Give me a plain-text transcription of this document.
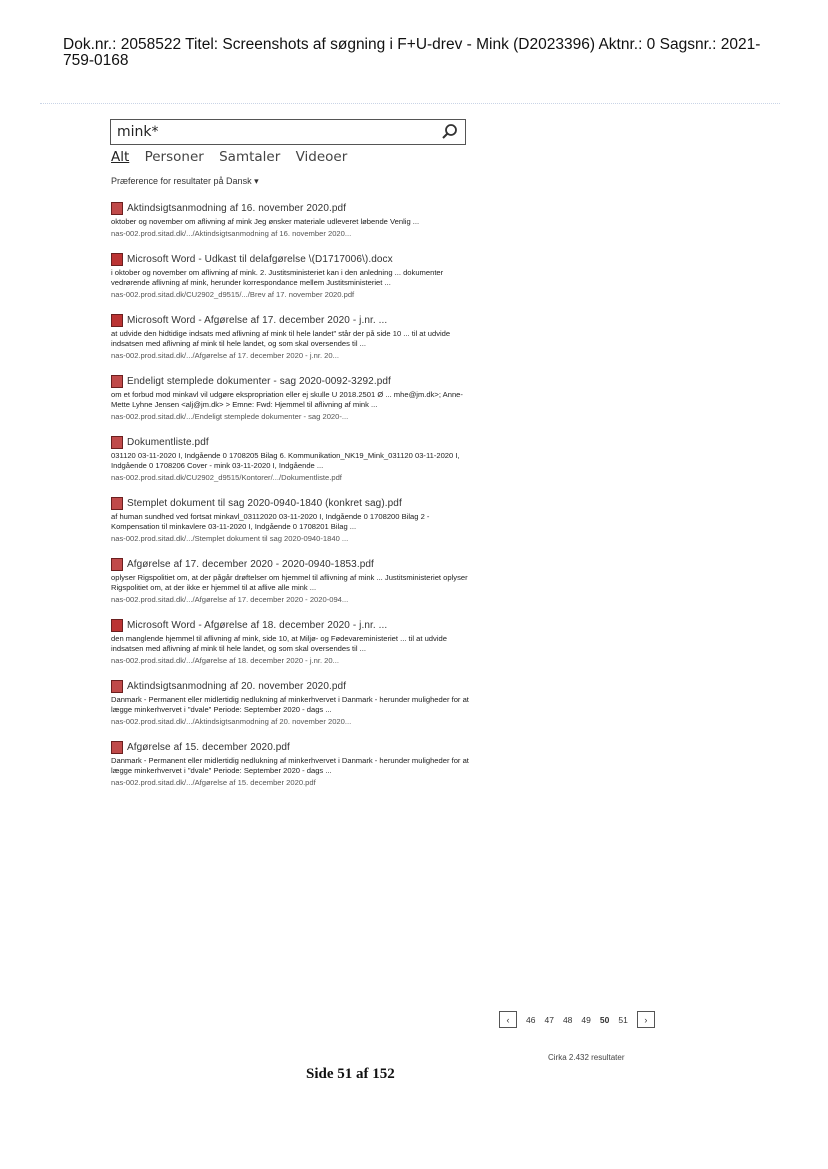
Dok.nr.: 2058522 Titel: Screenshots af søgning i F+U-drev - Mink (D2023396) Aktnr.: 0 Sagsnr.: 2021-759-0168
mink*
Alt Personer Samtaler Videoer
Præference for resultater på Dansk ▾
Aktindsigtsanmodning af 16. november 2020.pdf
oktober og november om aflivning af mink Jeg ønsker materiale udleveret løbende Venlig ...
nas-002.prod.sitad.dk/.../Aktindsigtsanmodning af 16. november 2020...
Microsoft Word - Udkast til delafgørelse \(D1717006\).docx
i oktober og november om aflivning af mink. 2. Justitsministeriet kan i den anledning ... dokumenter vedrørende aflivning af mink, herunder korrespondance mellem Justitsministeriet ...
nas-002.prod.sitad.dk/CU2902_d9515/.../Brev af 17. november 2020.pdf
Microsoft Word - Afgørelse af 17. december 2020 - j.nr. ...
at udvide den hidtidige indsats med aflivning af mink til hele landet" står der på side 10 ... til at udvide indsatsen med aflivning af mink til hele landet, og som skal oversendes til ...
nas-002.prod.sitad.dk/.../Afgørelse af 17. december 2020 - j.nr. 20...
Endeligt stemplede dokumenter - sag 2020-0092-3292.pdf
om et forbud mod minkavl vil udgøre ekspropriation eller ej skulle U 2018.2501 Ø ... mhe@jm.dk>; Anne-Mette Lyhne Jensen <alj@jm.dk> > Emne: Fwd: Hjemmel til aflivning af mink ...
nas-002.prod.sitad.dk/.../Endeligt stemplede dokumenter - sag 2020-...
Dokumentliste.pdf
031120 03-11-2020 I, Indgående 0 1708205 Bilag 6. Kommunikation_NK19_Mink_031120 03-11-2020 I, Indgående 0 1708206 Cover - mink 03-11-2020 I, Indgående ...
nas-002.prod.sitad.dk/CU2902_d9515/Kontorer/.../Dokumentliste.pdf
Stemplet dokument til sag 2020-0940-1840 (konkret sag).pdf
af human sundhed ved fortsat minkavl_03112020 03-11-2020 I, Indgående 0 1708200 Bilag 2 - Kompensation til minkavlere 03-11-2020 I, Indgående 0 1708201 Bilag ...
nas-002.prod.sitad.dk/.../Stemplet dokument til sag 2020-0940-1840 ...
Afgørelse af 17. december 2020 - 2020-0940-1853.pdf
oplyser Rigspolitiet om, at der pågår drøftelser om hjemmel til aflivning af mink ... Justitsministeriet oplyser Rigspolitiet om, at der ikke er hjemmel til at aflive alle mink ...
nas-002.prod.sitad.dk/.../Afgørelse af 17. december 2020 - 2020-094...
Microsoft Word - Afgørelse af 18. december 2020 - j.nr. ...
den manglende hjemmel til aflivning af mink, side 10, at Miljø- og Fødevareministeriet ... til at udvide indsatsen med aflivning af mink til hele landet, og som skal oversendes til ...
nas-002.prod.sitad.dk/.../Afgørelse af 18. december 2020 - j.nr. 20...
Aktindsigtsanmodning af 20. november 2020.pdf
Danmark - Permanent eller midlertidig nedlukning af minkerhvervet i Danmark - herunder muligheder for at lægge minkerhvervet i "dvale" Periode: September 2020 - dags ...
nas-002.prod.sitad.dk/.../Aktindsigtsanmodning af 20. november 2020...
Afgørelse af 15. december 2020.pdf
Danmark - Permanent eller midlertidig nedlukning af minkerhvervet i Danmark - herunder muligheder for at lægge minkerhvervet i "dvale" Periode: September 2020 - dags ...
nas-002.prod.sitad.dk/.../Afgørelse af 15. december 2020.pdf
‹	46 47 48 49 50 51	›
Cirka 2.432 resultater
Side 51 af 152
